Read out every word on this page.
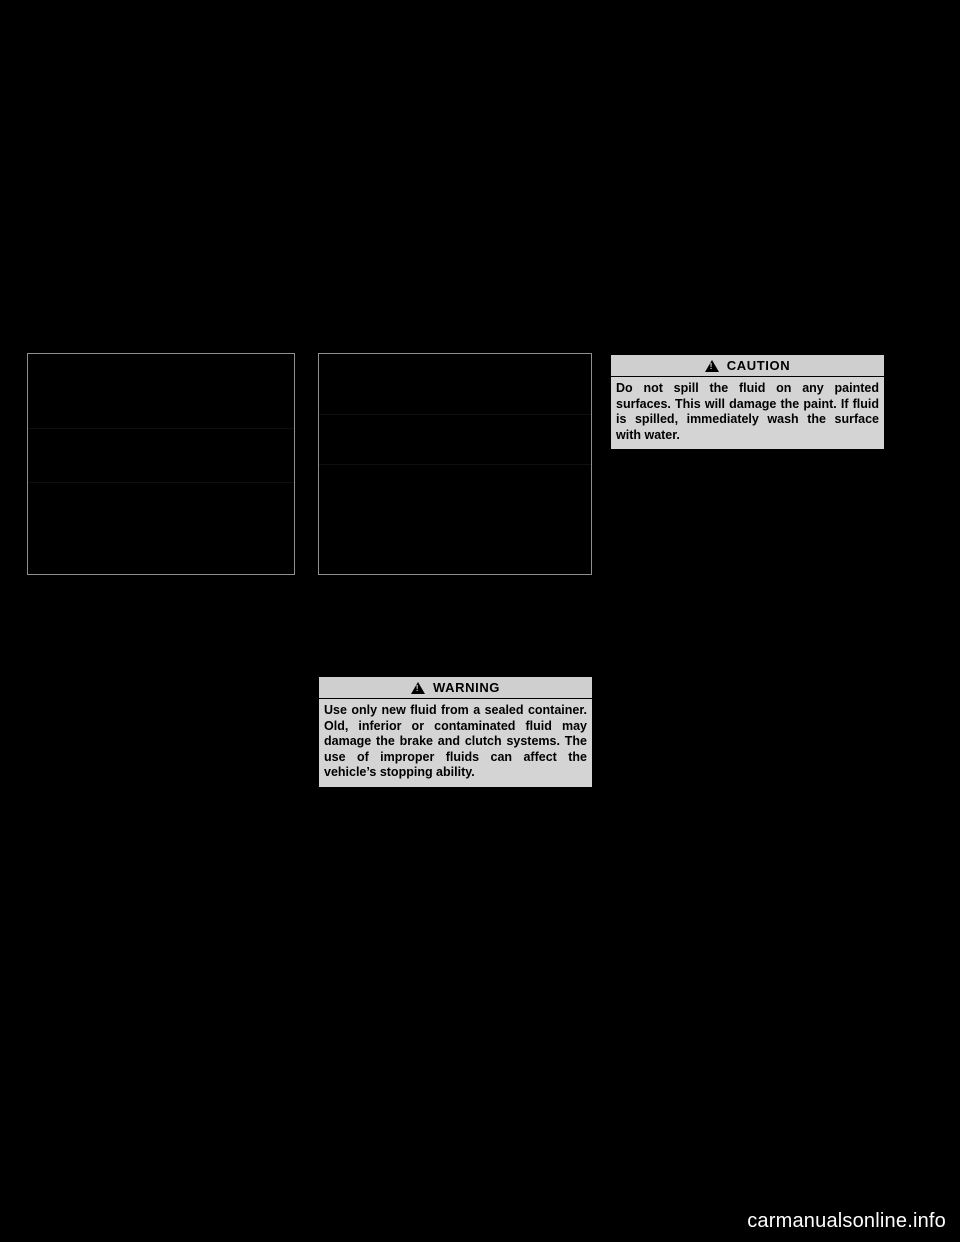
!
CAUTION
Do not spill the fluid on any painted surfaces. This will damage the paint. If fluid is spilled, immediately wash the surface with water.
!
WARNING
Use only new fluid from a sealed container. Old, inferior or contaminated fluid may damage the brake and clutch systems. The use of improper fluids can affect the vehicle’s stopping ability.
carmanualsonline.info
